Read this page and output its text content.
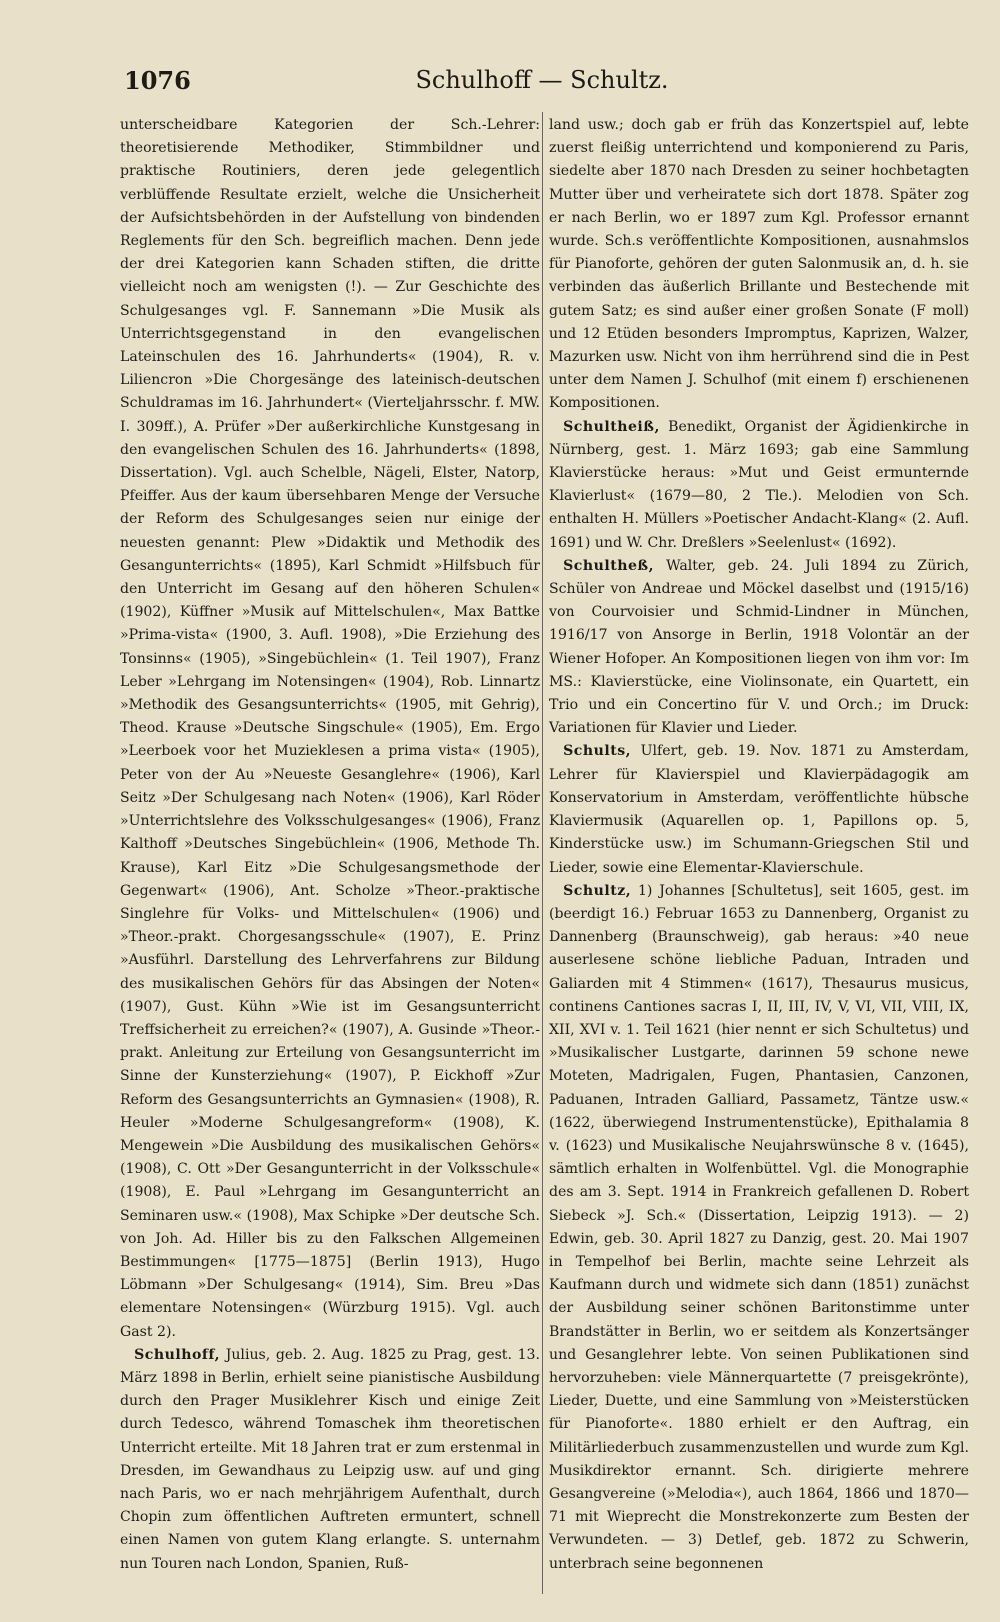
1076	Schulhoff — Schultz.

unterscheidbare Kategorien der Sch.-Lehrer: theoretisierende Methodiker, Stimmbildner und praktische Routiniers, deren jede gelegentlich verblüffende Resultate erzielt, welche die Unsicherheit der Aufsichtsbehörden in der Aufstellung von bindenden Reglements für den Sch. begreiflich machen. Denn jede der drei Kategorien kann Schaden stiften, die dritte vielleicht noch am wenigsten (!). — Zur Geschichte des Schulgesanges vgl. F. Sannemann »Die Musik als Unterrichtsgegenstand in den evangelischen Lateinschulen des 16. Jahrhunderts« (1904), R. v. Liliencron »Die Chorgesänge des lateinisch-deutschen Schuldramas im 16. Jahrhundert« (Vierteljahrsschr. f. MW. I. 309ff.), A. Prüfer »Der außerkirchliche Kunstgesang in den evangelischen Schulen des 16. Jahrhunderts« (1898, Dissertation). Vgl. auch Schelble, Nägeli, Elster, Natorp, Pfeiffer. Aus der kaum übersehbaren Menge der Versuche der Reform des Schulgesanges seien nur einige der neuesten genannt: Plew »Didaktik und Methodik des Gesangunterrichts« (1895), Karl Schmidt »Hilfsbuch für den Unterricht im Gesang auf den höheren Schulen« (1902), Küffner »Musik auf Mittelschulen«, Max Battke »Prima-vista« (1900, 3. Aufl. 1908), »Die Erziehung des Tonsinns« (1905), »Singebüchlein« (1. Teil 1907), Franz Leber »Lehrgang im Notensingen« (1904), Rob. Linnartz »Methodik des Gesangsunterrichts« (1905, mit Gehrig), Theod. Krause »Deutsche Singschule« (1905), Em. Ergo »Leerboek voor het Muzieklesen a prima vista« (1905), Peter von der Au »Neueste Gesanglehre« (1906), Karl Seitz »Der Schulgesang nach Noten« (1906), Karl Röder »Unterrichtslehre des Volksschulgesanges« (1906), Franz Kalthoff »Deutsches Singebüchlein« (1906, Methode Th. Krause), Karl Eitz »Die Schulgesangsmethode der Gegenwart« (1906), Ant. Scholze »Theor.-praktische Singlehre für Volks- und Mittelschulen« (1906) und »Theor.-prakt. Chorgesangsschule« (1907), E. Prinz »Ausführl. Darstellung des Lehrverfahrens zur Bildung des musikalischen Gehörs für das Absingen der Noten« (1907), Gust. Kühn »Wie ist im Gesangsunterricht Treffsicherheit zu erreichen?« (1907), A. Gusinde »Theor.-prakt. Anleitung zur Erteilung von Gesangsunterricht im Sinne der Kunsterziehung« (1907), P. Eickhoff »Zur Reform des Gesangsunterrichts an Gymnasien« (1908), R. Heuler »Moderne Schulgesangreform« (1908), K. Mengewein »Die Ausbildung des musikalischen Gehörs« (1908), C. Ott »Der Gesangunterricht in der Volksschule« (1908), E. Paul »Lehrgang im Gesangunterricht an Seminaren usw.« (1908), Max Schipke »Der deutsche Sch. von Joh. Ad. Hiller bis zu den Falkschen Allgemeinen Bestimmungen« [1775—1875] (Berlin 1913), Hugo Löbmann »Der Schulgesang« (1914), Sim. Breu »Das elementare Notensingen« (Würzburg 1915). Vgl. auch Gast 2).

 Schulhoff, Julius, geb. 2. Aug. 1825 zu Prag, gest. 13. März 1898 in Berlin, erhielt seine pianistische Ausbildung durch den Prager Musiklehrer Kisch und einige Zeit durch Tedesco, während Tomaschek ihm theoretischen Unterricht erteilte. Mit 18 Jahren trat er zum erstenmal in Dresden, im Gewandhaus zu Leipzig usw. auf und ging nach Paris, wo er nach mehrjährigem Aufenthalt, durch Chopin zum öffentlichen Auftreten ermuntert, schnell einen Namen von gutem Klang erlangte. S. unternahm nun Touren nach London, Spanien, Ruß-

land usw.; doch gab er früh das Konzertspiel auf, lebte zuerst fleißig unterrichtend und komponierend zu Paris, siedelte aber 1870 nach Dresden zu seiner hochbetagten Mutter über und verheiratete sich dort 1878. Später zog er nach Berlin, wo er 1897 zum Kgl. Professor ernannt wurde. Sch.s veröffentlichte Kompositionen, ausnahmslos für Pianoforte, gehören der guten Salonmusik an, d. h. sie verbinden das äußerlich Brillante und Bestechende mit gutem Satz; es sind außer einer großen Sonate (F moll) und 12 Etüden besonders Impromptus, Kaprizen, Walzer, Mazurken usw. Nicht von ihm herrührend sind die in Pest unter dem Namen J. Schulhof (mit einem f) erschienenen Kompositionen.

 Schultheiß, Benedikt, Organist der Ägidienkirche in Nürnberg, gest. 1. März 1693; gab eine Sammlung Klavierstücke heraus: »Mut und Geist ermunternde Klavierlust« (1679—80, 2 Tle.). Melodien von Sch. enthalten H. Müllers »Poetischer Andacht-Klang« (2. Aufl. 1691) und W. Chr. Dreßlers »Seelenlust« (1692).

 Schultheß, Walter, geb. 24. Juli 1894 zu Zürich, Schüler von Andreae und Möckel daselbst und (1915/16) von Courvoisier und Schmid-Lindner in München, 1916/17 von Ansorge in Berlin, 1918 Volontär an der Wiener Hofoper. An Kompositionen liegen von ihm vor: Im MS.: Klavierstücke, eine Violinsonate, ein Quartett, ein Trio und ein Concertino für V. und Orch.; im Druck: Variationen für Klavier und Lieder.

 Schults, Ulfert, geb. 19. Nov. 1871 zu Amsterdam, Lehrer für Klavierspiel und Klavierpädagogik am Konservatorium in Amsterdam, veröffentlichte hübsche Klaviermusik (Aquarellen op. 1, Papillons op. 5, Kinderstücke usw.) im Schumann-Griegschen Stil und Lieder, sowie eine Elementar-Klavierschule.

 Schultz, 1) Johannes [Schultetus], seit 1605, gest. im (beerdigt 16.) Februar 1653 zu Dannenberg, Organist zu Dannenberg (Braunschweig), gab heraus: »40 neue auserlesene schöne liebliche Paduan, Intraden und Galiarden mit 4 Stimmen« (1617), Thesaurus musicus, continens Cantiones sacras I, II, III, IV, V, VI, VII, VIII, IX, XII, XVI v. 1. Teil 1621 (hier nennt er sich Schultetus) und »Musikalischer Lustgarte, darinnen 59 schone newe Moteten, Madrigalen, Fugen, Phantasien, Canzonen, Paduanen, Intraden Galliard, Passametz, Täntze usw.« (1622, überwiegend Instrumentenstücke), Epithalamia 8 v. (1623) und Musikalische Neujahrswünsche 8 v. (1645), sämtlich erhalten in Wolfenbüttel. Vgl. die Monographie des am 3. Sept. 1914 in Frankreich gefallenen D. Robert Siebeck »J. Sch.« (Dissertation, Leipzig 1913). — 2) Edwin, geb. 30. April 1827 zu Danzig, gest. 20. Mai 1907 in Tempelhof bei Berlin, machte seine Lehrzeit als Kaufmann durch und widmete sich dann (1851) zunächst der Ausbildung seiner schönen Baritonstimme unter Brandstätter in Berlin, wo er seitdem als Konzertsänger und Gesanglehrer lebte. Von seinen Publikationen sind hervorzuheben: viele Männerquartette (7 preisgekrönte), Lieder, Duette, und eine Sammlung von »Meisterstücken für Pianoforte«. 1880 erhielt er den Auftrag, ein Militärliederbuch zusammenzustellen und wurde zum Kgl. Musikdirektor ernannt. Sch. dirigierte mehrere Gesangvereine (»Melodia«), auch 1864, 1866 und 1870—71 mit Wieprecht die Monstrekonzerte zum Besten der Verwundeten. — 3) Detlef, geb. 1872 zu Schwerin, unterbrach seine begonnenen
